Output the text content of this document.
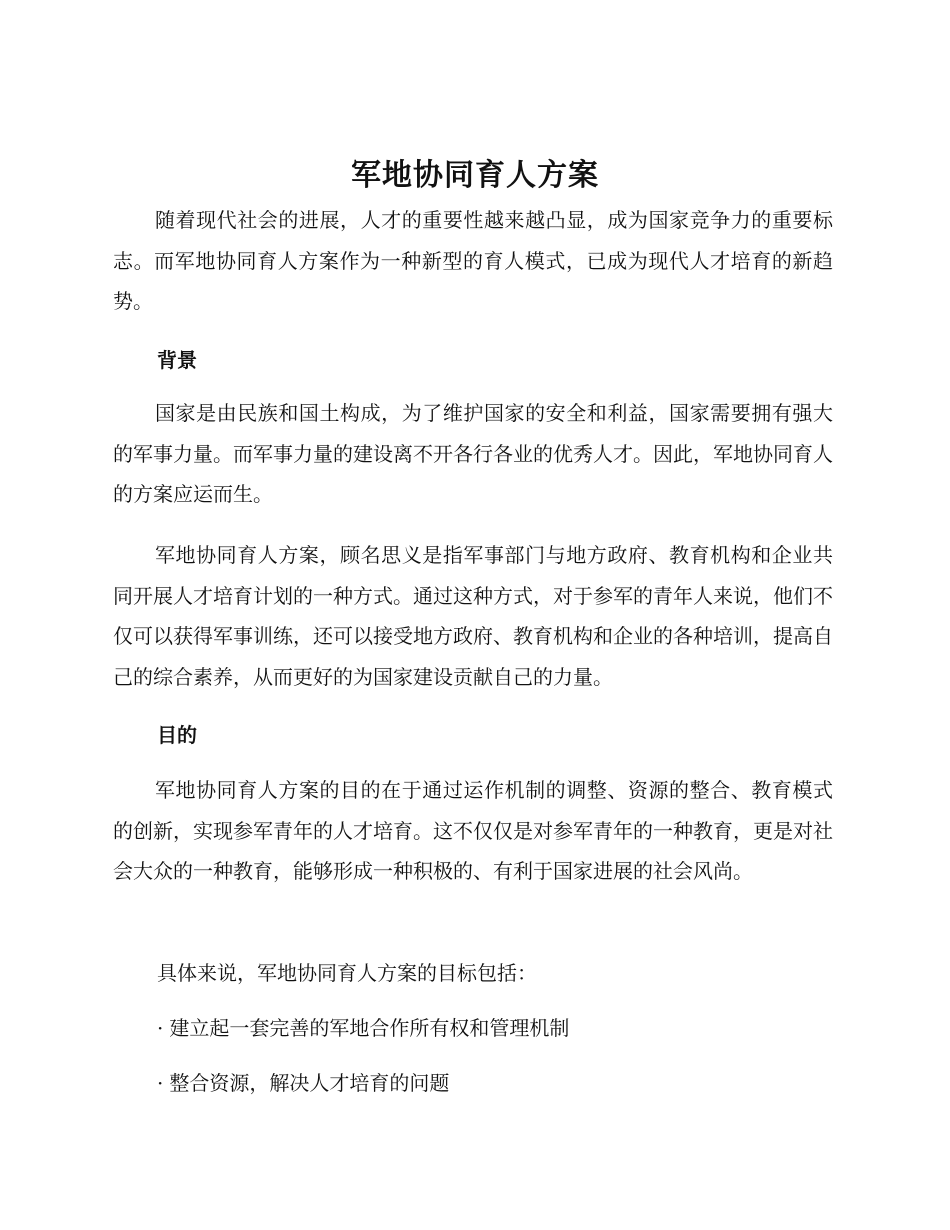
军地协同育人方案

随着现代社会的进展，人才的重要性越来越凸显，成为国家竞争力的重要标志。而军地协同育人方案作为一种新型的育人模式，已成为现代人才培育的新趋势。

背景

国家是由民族和国土构成，为了维护国家的安全和利益，国家需要拥有强大的军事力量。而军事力量的建设离不开各行各业的优秀人才。因此，军地协同育人的方案应运而生。

军地协同育人方案，顾名思义是指军事部门与地方政府、教育机构和企业共同开展人才培育计划的一种方式。通过这种方式，对于参军的青年人来说，他们不仅可以获得军事训练，还可以接受地方政府、教育机构和企业的各种培训，提高自己的综合素养，从而更好的为国家建设贡献自己的力量。

目的

军地协同育人方案的目的在于通过运作机制的调整、资源的整合、教育模式的创新，实现参军青年的人才培育。这不仅仅是对参军青年的一种教育，更是对社会大众的一种教育，能够形成一种积极的、有利于国家进展的社会风尚。

具体来说，军地协同育人方案的目标包括：

· 建立起一套完善的军地合作所有权和管理机制

· 整合资源，解决人才培育的问题
